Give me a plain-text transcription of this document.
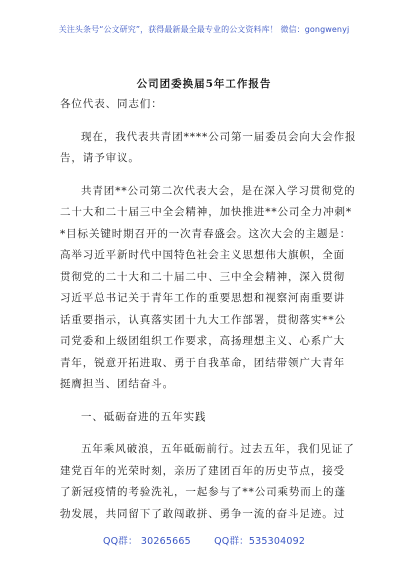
关注头条号“公文研究”，获得最新最全最专业的公文资料库！ 微信：gongwenyj
公司团委换届5年工作报告
各位代表、同志们：
现在，我代表共青团****公司第一届委员会向大会作报
告，请予审议。
共青团**公司第二次代表大会，是在深入学习贯彻党的
二十大和二十届三中全会精神，加快推进**公司全力冲刺*
*目标关键时期召开的一次青春盛会。这次大会的主题是：
高举习近平新时代中国特色社会主义思想伟大旗帜，全面
贯彻党的二十大和二十届二中、三中全会精神，深入贯彻
习近平总书记关于青年工作的重要思想和视察河南重要讲
话重要指示，认真落实团十九大工作部署，贯彻落实**公
司党委和上级团组织工作要求，高扬理想主义、心系广大
青年，锐意开拓进取、勇于自我革命，团结带领广大青年
挺膺担当、团结奋斗。
一、砥砺奋进的五年实践
五年乘风破浪，五年砥砺前行。过去五年，我们见证了
建党百年的光荣时刻，亲历了建团百年的历史节点，接受
了新冠疫情的考验洗礼，一起参与了**公司乘势而上的蓬
勃发展，共同留下了敢闯敢拼、勇争一流的奋斗足迹。过
QQ群： 30265665 QQ群：535304092
